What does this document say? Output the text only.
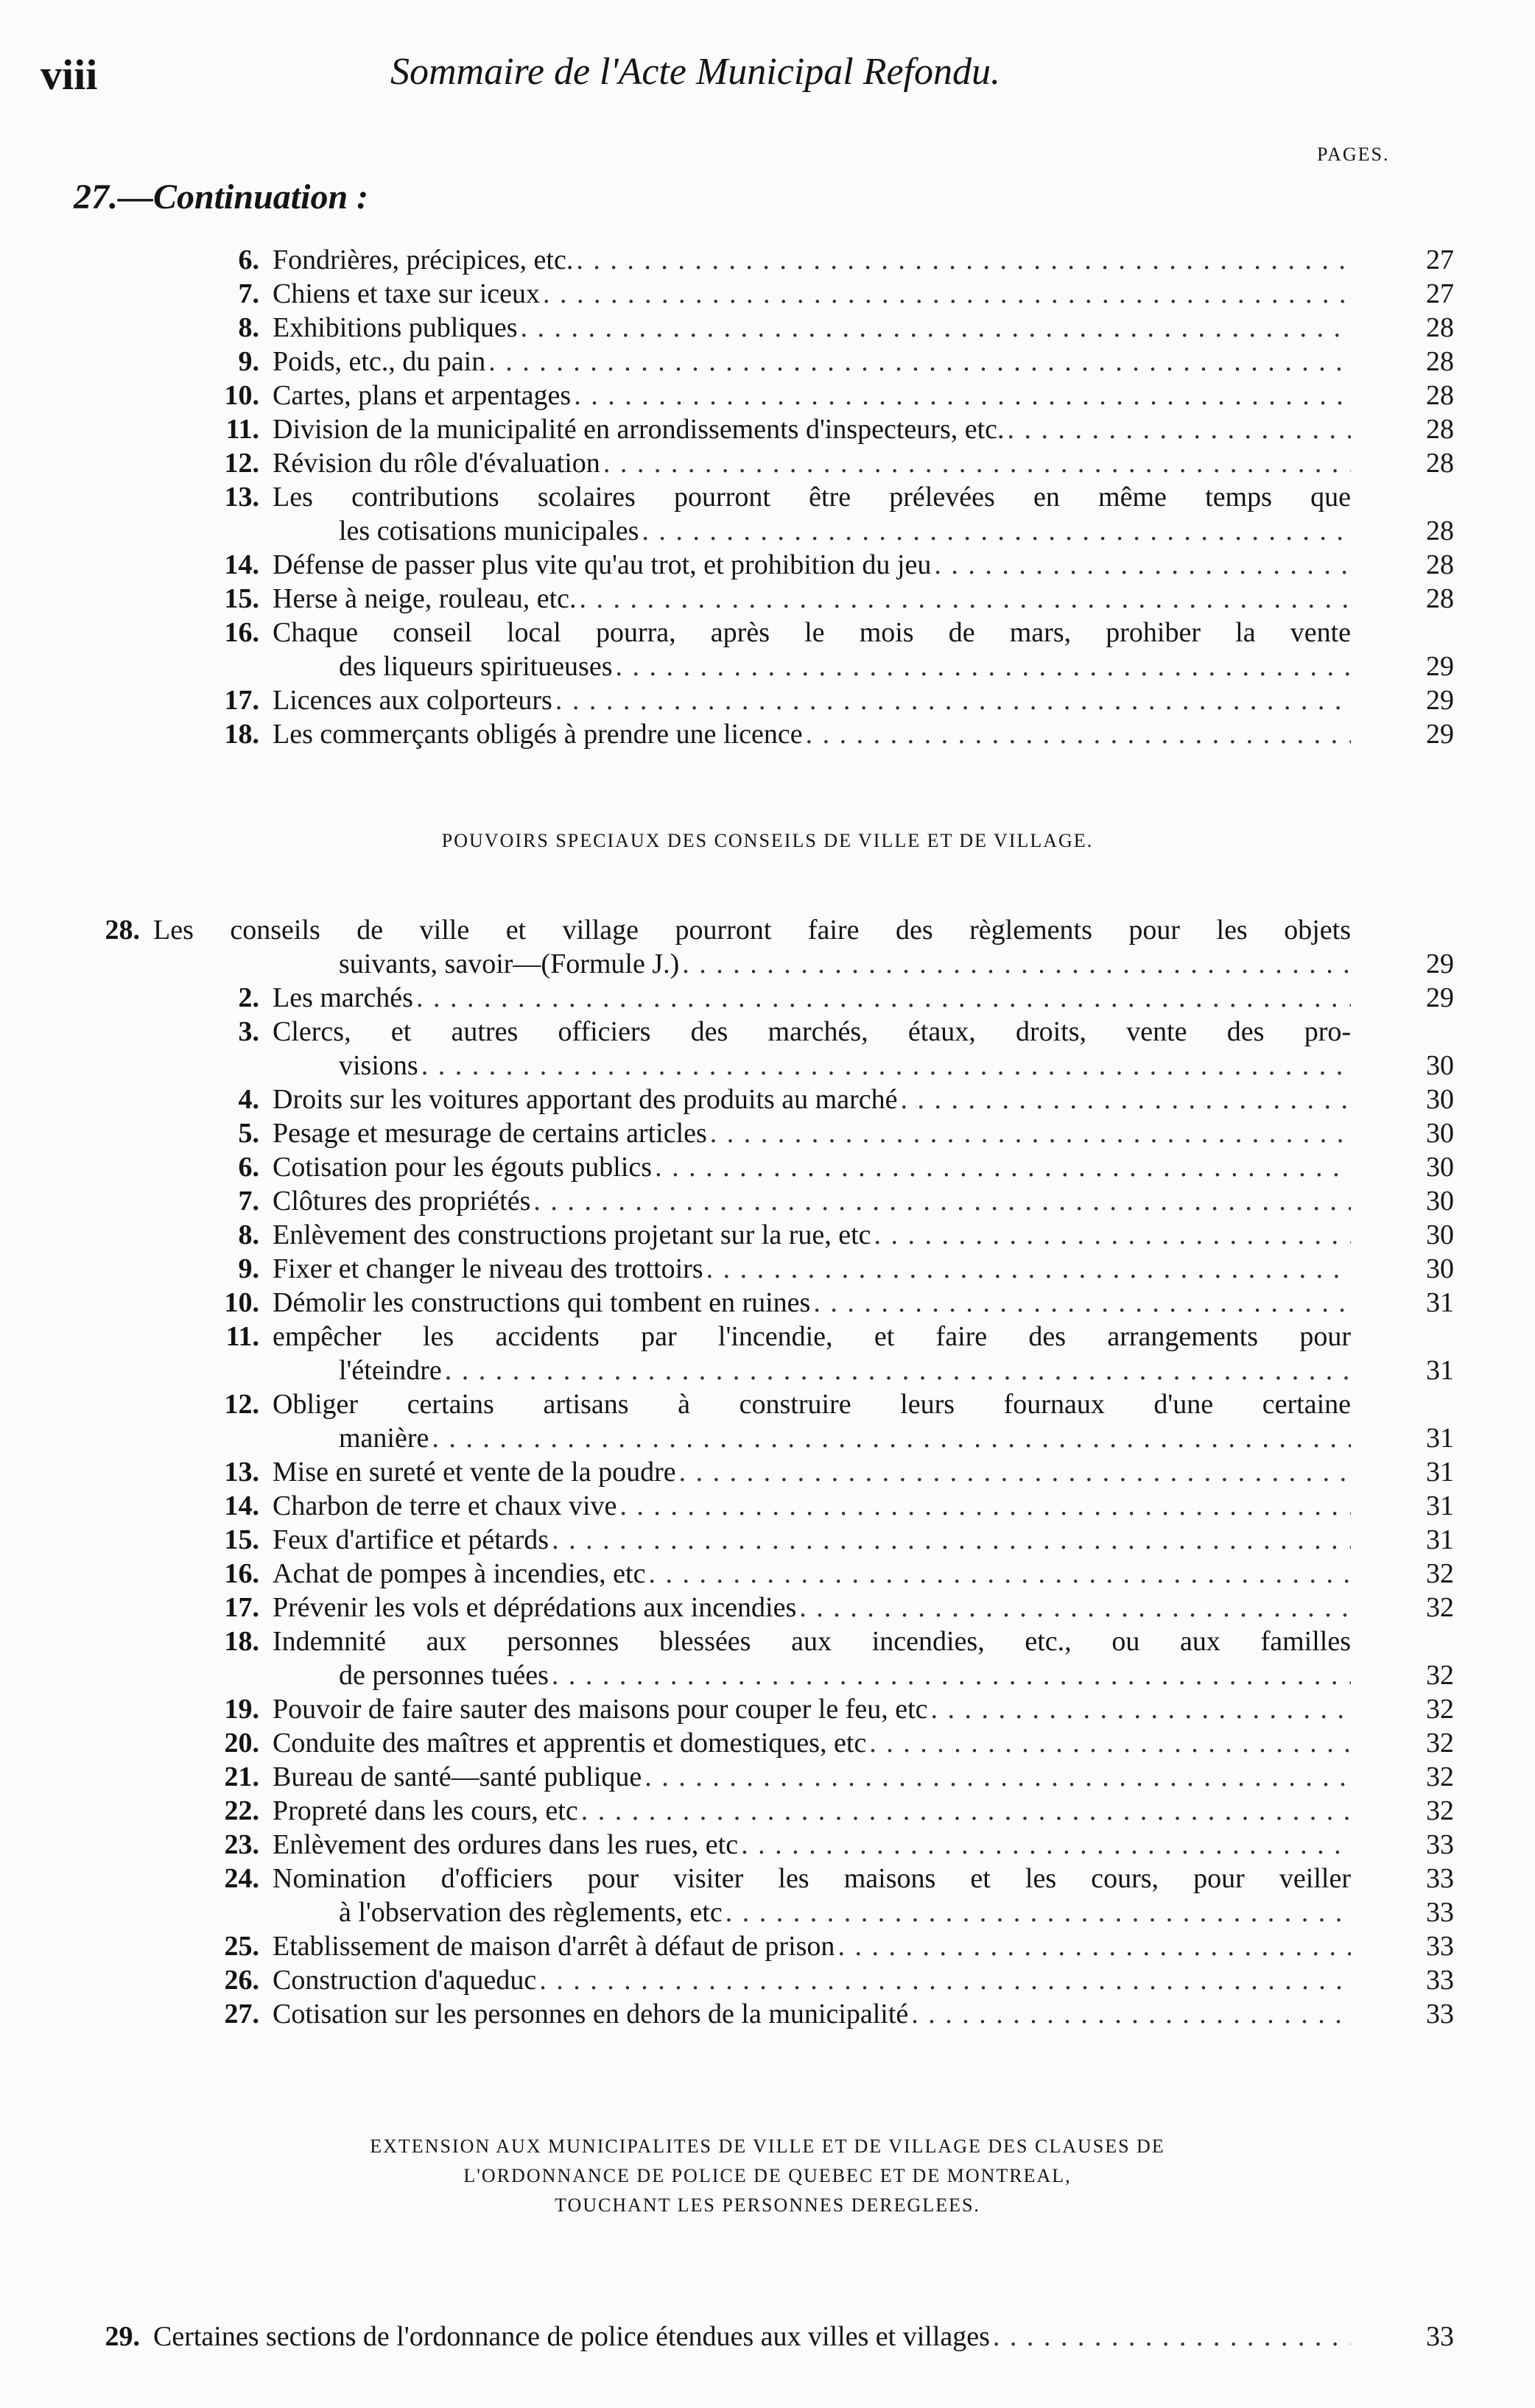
viii	Sommaire de l'Acte Municipal Refondu.
PAGES.
27.—Continuation :
6. Fondrières, précipices, etc. . . .	27
7. Chiens et taxe sur iceux . . .	27
8. Exhibitions publiques . . .	28
9. Poids, etc., du pain . . .	28
10. Cartes, plans et arpentages . . .	28
11. Division de la municipalité en arrondissements d'inspecteurs, etc. . . .	28
12. Révision du rôle d'évaluation . . .	28
13. Les contributions scolaires pourront être prélevées en même temps que
les cotisations municipales . . .	28
14. Défense de passer plus vite qu'au trot, et prohibition du jeu . . .	28
15. Herse à neige, rouleau, etc. . . .	28
16. Chaque conseil local pourra, après le mois de mars, prohiber la vente
des liqueurs spiritueuses . . .	29
17. Licences aux colporteurs . . .	29
18. Les commerçants obligés à prendre une licence . . .	29
POUVOIRS SPECIAUX DES CONSEILS DE VILLE ET DE VILLAGE.
28. Les conseils de ville et village pourront faire des règlements pour les objets
suivants, savoir—(Formule J.) . . .	29
2. Les marchés . . .	29
3. Clercs, et autres officiers des marchés, étaux, droits, vente des pro-
visions . . .	30
4. Droits sur les voitures apportant des produits au marché . . .	30
5. Pesage et mesurage de certains articles . . .	30
6. Cotisation pour les égouts publics . . .	30
7. Clôtures des propriétés . . .	30
8. Enlèvement des constructions projetant sur la rue, etc . . .	30
9. Fixer et changer le niveau des trottoirs . . .	30
10. Démolir les constructions qui tombent en ruines . . .	31
11. empêcher les accidents par l'incendie, et faire des arrangements pour
l'éteindre . . .	31
12. Obliger certains artisans à construire leurs fournaux d'une certaine
manière . . .	31
13. Mise en sureté et vente de la poudre . . .	31
14. Charbon de terre et chaux vive . . .	31
15. Feux d'artifice et pétards . . .	31
16. Achat de pompes à incendies, etc . . .	32
17. Prévenir les vols et déprédations aux incendies . . .	32
18. Indemnité aux personnes blessées aux incendies, etc., ou aux familles
de personnes tuées . . .	32
19. Pouvoir de faire sauter des maisons pour couper le feu, etc . . .	32
20. Conduite des maîtres et apprentis et domestiques, etc . . .	32
21. Bureau de santé—santé publique . . .	32
22. Propreté dans les cours, etc . . .	32
23. Enlèvement des ordures dans les rues, etc . . .	33
24. Nomination d'officiers pour visiter les maisons et les cours, pour veiller	33
à l'observation des règlements, etc . . .	33
25. Etablissement de maison d'arrêt à défaut de prison . . .	33
26. Construction d'aqueduc . . .	33
27. Cotisation sur les personnes en dehors de la municipalité . . .	33
EXTENSION AUX MUNICIPALITES DE VILLE ET DE VILLAGE DES CLAUSES DE
L'ORDONNANCE DE POLICE DE QUEBEC ET DE MONTREAL,
TOUCHANT LES PERSONNES DEREGLEES.
29. Certaines sections de l'ordonnance de police étendues aux villes et villages . . .	33
